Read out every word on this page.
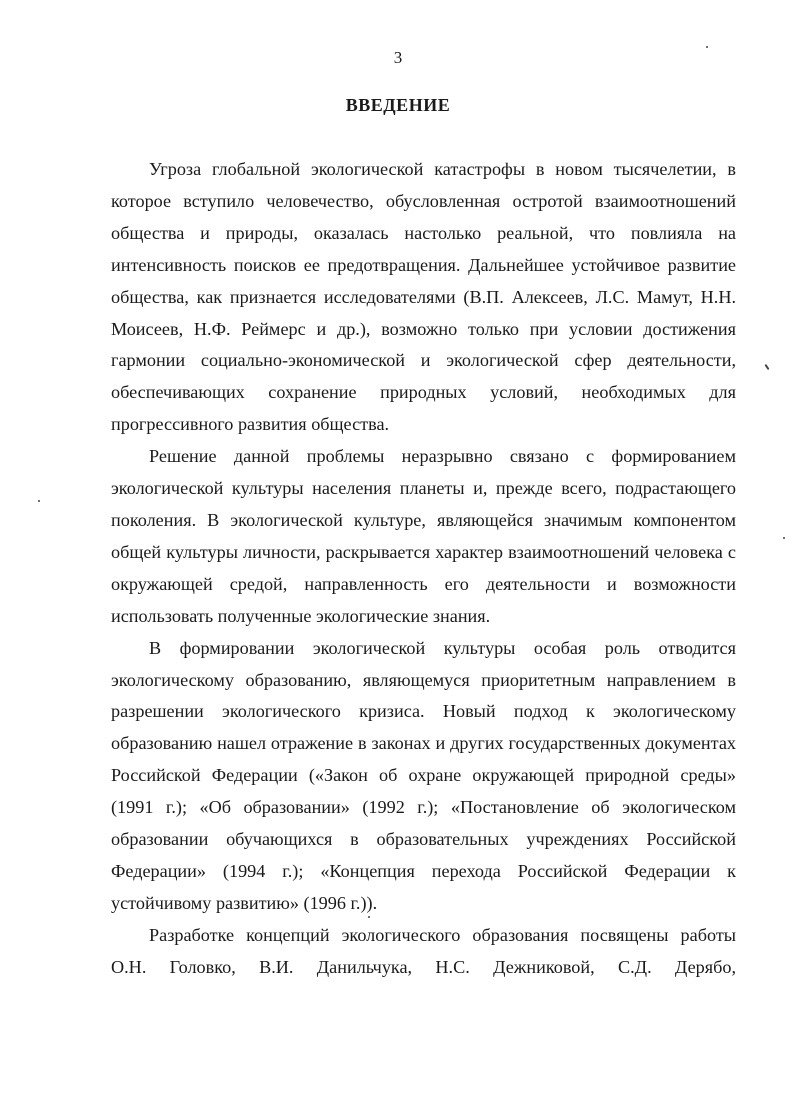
3
ВВЕДЕНИЕ

Угроза глобальной экологической катастрофы в новом тысячелетии, в которое вступило человечество, обусловленная остротой взаимоотношений общества и природы, оказалась настолько реальной, что повлияла на интенсивность поисков ее предотвращения. Дальнейшее устойчивое развитие общества, как признается исследователями (В.П. Алексеев, Л.С. Мамут, Н.Н. Моисеев, Н.Ф. Реймерс и др.), возможно только при условии достижения гармонии социально-экономической и экологической сфер деятельности, обеспечивающих сохранение природных условий, необходимых для прогрессивного развития общества.

Решение данной проблемы неразрывно связано с формированием экологической культуры населения планеты и, прежде всего, подрастающего поколения. В экологической культуре, являющейся значимым компонентом общей культуры личности, раскрывается характер взаимоотношений человека с окружающей средой, направленность его деятельности и возможности использовать полученные экологические знания.

В формировании экологической культуры особая роль отводится экологическому образованию, являющемуся приоритетным направлением в разрешении экологического кризиса. Новый подход к экологическому образованию нашел отражение в законах и других государственных документах Российской Федерации («Закон об охране окружающей природной среды» (1991 г.); «Об образовании» (1992 г.); «Постановление об экологическом образовании обучающихся в образовательных учреждениях Российской Федерации» (1994 г.); «Концепция перехода Российской Федерации к устойчивому развитию» (1996 г.)).

Разработке концепций экологического образования посвящены работы О.Н. Головко, В.И. Данильчука, Н.С. Дежниковой, С.Д. Дерябо,
